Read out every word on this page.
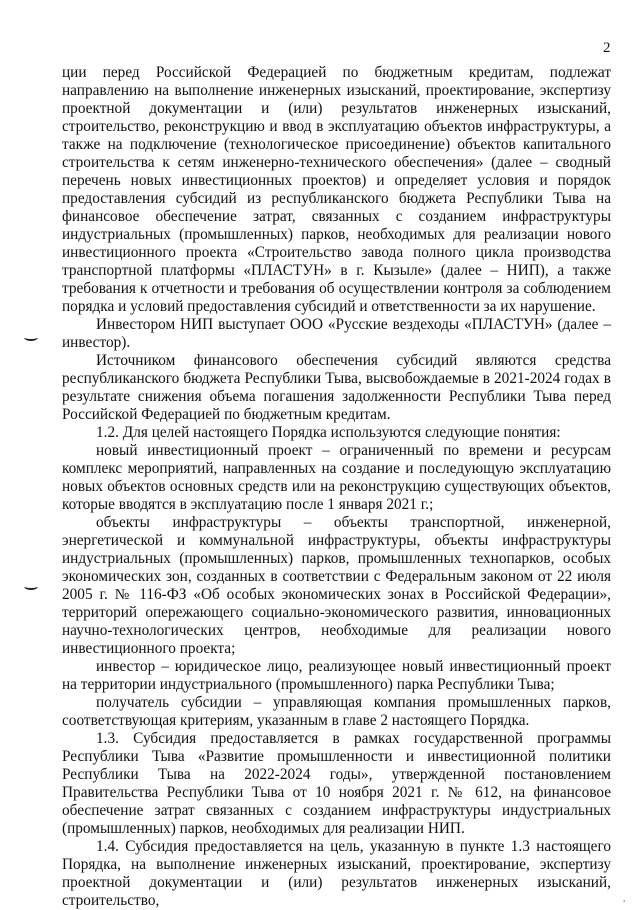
2
,

ции перед Российской Федерацией по бюджетным кредитам, подлежат направлению на выполнение инженерных изысканий, проектирование, экспертизу проектной документации и (или) результатов инженерных изысканий, строительство, реконструкцию и ввод в эксплуатацию объектов инфраструктуры, а также на подключение (технологическое присоединение) объектов капитального строительства к сетям инженерно-технического обеспечения» (далее – сводный перечень новых инвестиционных проектов) и определяет условия и порядок предоставления субсидий из республиканского бюджета Республики Тыва на финансовое обеспечение затрат, связанных с созданием инфраструктуры индустриальных (промышленных) парков, необходимых для реализации нового инвестиционного проекта «Строительство завода полного цикла производства транспортной платформы «ПЛАСТУН» в г. Кызыле» (далее – НИП), а также требования к отчетности и требования об осуществлении контроля за соблюдением порядка и условий предоставления субсидий и ответственности за их нарушение.

Инвестором НИП выступает ООО «Русские вездеходы «ПЛАСТУН» (далее – инвестор).

Источником финансового обеспечения субсидий являются средства республиканского бюджета Республики Тыва, высвобождаемые в 2021-2024 годах в результате снижения объема погашения задолженности Республики Тыва перед Российской Федерацией по бюджетным кредитам.

1.2. Для целей настоящего Порядка используются следующие понятия:

новый инвестиционный проект – ограниченный по времени и ресурсам комплекс мероприятий, направленных на создание и последующую эксплуатацию новых объектов основных средств или на реконструкцию существующих объектов, которые вводятся в эксплуатацию после 1 января 2021 г.;

объекты инфраструктуры – объекты транспортной, инженерной, энергетической и коммунальной инфраструктуры, объекты инфраструктуры индустриальных (промышленных) парков, промышленных технопарков, особых экономических зон, созданных в соответствии с Федеральным законом от 22 июля 2005 г. № 116-ФЗ «Об особых экономических зонах в Российской Федерации», территорий опережающего социально-экономического развития, инновационных научно-технологических центров, необходимые для реализации нового инвестиционного проекта;

инвестор – юридическое лицо, реализующее новый инвестиционный проект на территории индустриального (промышленного) парка Республики Тыва;

получатель субсидии – управляющая компания промышленных парков, соответствующая критериям, указанным в главе 2 настоящего Порядка.

1.3. Субсидия предоставляется в рамках государственной программы Республики Тыва «Развитие промышленности и инвестиционной политики Республики Тыва на 2022-2024 годы», утвержденной постановлением Правительства Республики Тыва от 10 ноября 2021 г. № 612, на финансовое обеспечение затрат связанных с созданием инфраструктуры индустриальных (промышленных) парков, необходимых для реализации НИП.

1.4. Субсидия предоставляется на цель, указанную в пункте 1.3 настоящего Порядка, на выполнение инженерных изысканий, проектирование, экспертизу проектной документации и (или) результатов инженерных изысканий, строительство,
